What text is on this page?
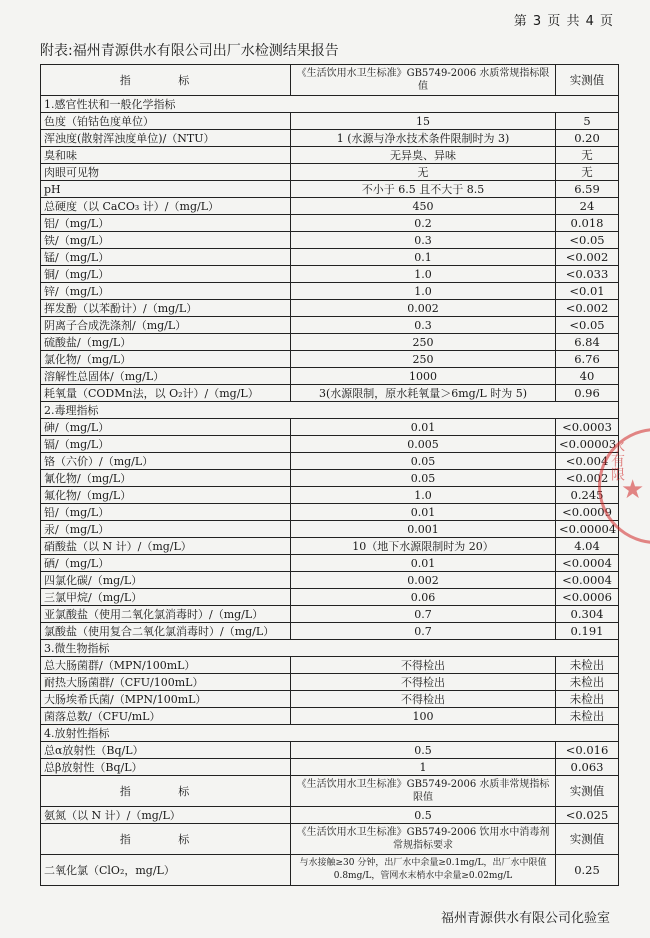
第 3 页 共 4 页
附表:福州青源供水有限公司出厂水检测结果报告
指 标	《生活饮用水卫生标准》GB5749-2006 水质常规指标限值	实测值
1.感官性状和一般化学指标		
色度（铂钴色度单位）	15	5
浑浊度(散射浑浊度单位)/（NTU）	1 (水源与净水技术条件限制时为 3)	0.20
臭和味	无异臭、异味	无
肉眼可见物	无	无
pH	不小于 6.5 且不大于 8.5	6.59
总硬度（以 CaCO₃ 计）/（mg/L）	450	24
铝/（mg/L）	0.2	0.018
铁/（mg/L）	0.3	<0.05
锰/（mg/L）	0.1	<0.002
铜/（mg/L）	1.0	<0.033
锌/（mg/L）	1.0	<0.01
挥发酚（以苯酚计）/（mg/L）	0.002	<0.002
阴离子合成洗涤剂/（mg/L）	0.3	<0.05
硫酸盐/（mg/L）	250	6.84
氯化物/（mg/L）	250	6.76
溶解性总固体/（mg/L）	1000	40
耗氧量（CODMn法，以 O₂计）/（mg/L）	3(水源限制，原水耗氧量＞6mg/L 时为 5)	0.96
2.毒理指标		
砷/（mg/L）	0.01	<0.0003
镉/（mg/L）	0.005	<0.00003
铬（六价）/（mg/L）	0.05	<0.004
氰化物/（mg/L）	0.05	<0.002
氟化物/（mg/L）	1.0	0.245
铅/（mg/L）	0.01	<0.0009
汞/（mg/L）	0.001	<0.00004
硝酸盐（以 N 计）/（mg/L）	10（地下水源限制时为 20）	4.04
硒/（mg/L）	0.01	<0.0004
四氯化碳/（mg/L）	0.002	<0.0004
三氯甲烷/（mg/L）	0.06	<0.0006
亚氯酸盐（使用二氧化氯消毒时）/（mg/L）	0.7	0.304
氯酸盐（使用复合二氧化氯消毒时）/（mg/L）	0.7	0.191
3.微生物指标		
总大肠菌群/（MPN/100mL）	不得检出	未检出
耐热大肠菌群/（CFU/100mL）	不得检出	未检出
大肠埃希氏菌/（MPN/100mL）	不得检出	未检出
菌落总数/（CFU/mL）	100	未检出
4.放射性指标		
总α放射性（Bq/L）	0.5	<0.016
总β放射性（Bq/L）	1	0.063
指 标	《生活饮用水卫生标准》GB5749-2006 水质非常规指标限值	实测值
氨氮（以 N 计）/（mg/L）	0.5	<0.025
指 标	《生活饮用水卫生标准》GB5749-2006 饮用水中消毒剂常规指标要求	实测值
二氧化氯（ClO₂，mg/L）	与水接触≥30 分钟，出厂水中余量≥0.1mg/L，出厂水中限值 0.8mg/L，管网水末梢水中余量≥0.02mg/L	0.25
水有限
★
福州青源供水有限公司化验室
